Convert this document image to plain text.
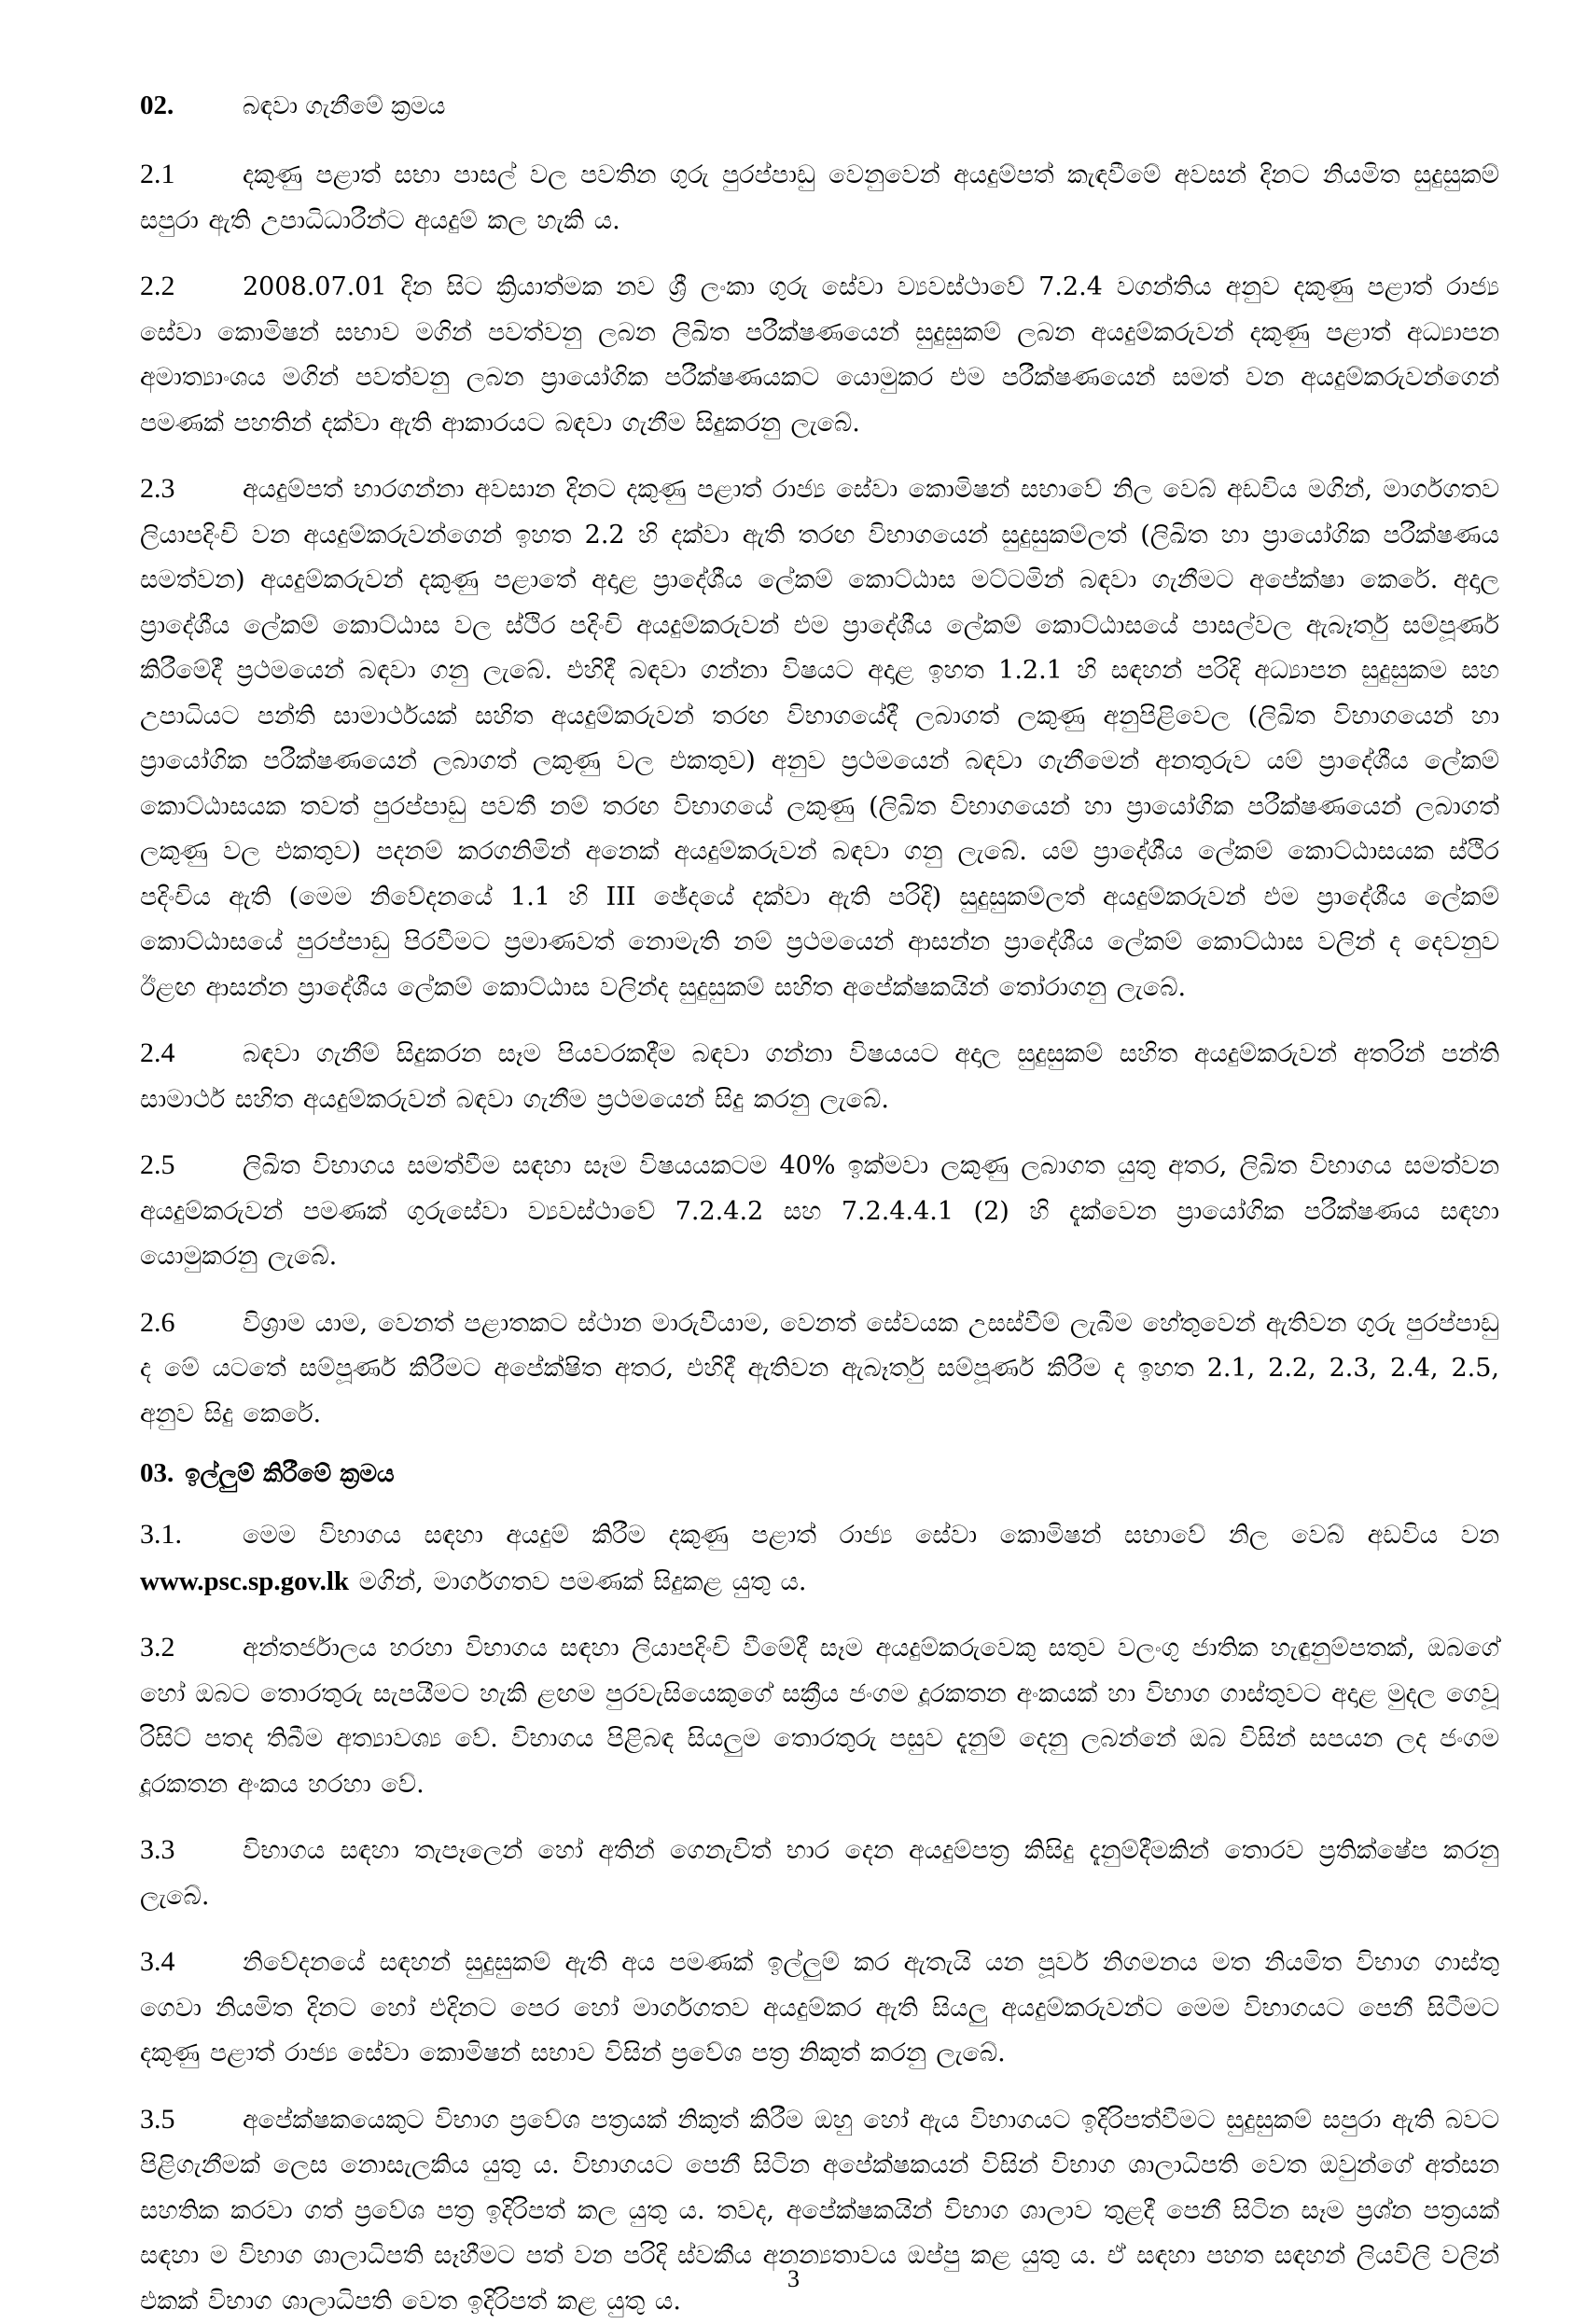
02.	බඳවා ගැනීමේ ක්‍රමය

2.1	දකුණු පළාත් සභා පාසල් වල පවතින ගුරු පුරප්පාඩු වෙනුවෙන් අයදුම්පත් කැඳවීමේ අවසන් දිනට නියමිත සුදුසුකම් සපුරා ඇති උපාධිධාරීන්ට අයදුම් කල හැකි ය.

2.2	2008.07.01 දින සිට ක්‍රියාත්මක නව ශ්‍රී ලංකා ගුරු සේවා ව්‍යවස්ථාවේ 7.2.4 වගන්තිය අනුව දකුණු පළාත් රාජ්‍ය සේවා කොමිෂන් සභාව මගින් පවත්වනු ලබන ලිඛිත පරීක්ෂණයෙන් සුදුසුකම් ලබන අයදුම්කරුවන් දකුණු පළාත් අධ්‍යාපන අමාත්‍යාංශය මගින් පවත්වනු ලබන ප්‍රායෝගික පරීක්ෂණයකට යොමුකර එම පරීක්ෂණයෙන් සමත් වන අයදුම්කරුවන්ගෙන් පමණක් පහතින් දක්වා ඇති ආකාරයට බඳවා ගැනීම සිදුකරනු ලැබේ.

2.3	අයදුම්පත් භාරගන්නා අවසාන දිනට දකුණු පළාත් රාජ්‍ය සේවා කොමිෂන් සභාවේ නිල වෙබ් අඩවිය මගින්, මාර්ගගතව ලියාපදිංචි වන අයදුම්කරුවන්ගෙන් ඉහත 2.2 හි දක්වා ඇති තරඟ විභාගයෙන් සුදුසුකම්ලත් (ලිඛිත හා ප්‍රායෝගික පරීක්ෂණය සමත්වන) අයදුම්කරුවන් දකුණු පළාතේ අදාළ ප්‍රාදේශීය ලේකම් කොට්ඨාස මට්ටමින් බඳවා ගැනීමට අපේක්ෂා කෙරේ. අදාල ප්‍රාදේශීය ලේකම් කොට්ඨාස වල ස්ථිර පදිංචි අයදුම්කරුවන් එම ප්‍රාදේශීය ලේකම් කොට්ඨාසයේ පාසල්වල ඇබෑර්තු සම්පූර්ණ කිරීමේදී ප්‍රථමයෙන් බඳවා ගනු ලැබේ. එහිදී බඳවා ගන්නා විෂයට අදාළ ඉහත 1.2.1 හි සඳහන් පරිදි අධ්‍යාපන සුදුසුකම සහ උපාධියට පන්ති සාමාර්ථයක් සහිත අයදුම්කරුවන් තරඟ විභාගයේදී ලබාගත් ලකුණු අනුපිළිවෙල (ලිඛිත විභාගයෙන් හා ප්‍රායෝගික පරීක්ෂණයෙන් ලබාගත් ලකුණු වල එකතුව) අනුව ප්‍රථමයෙන් බඳවා ගැනීමෙන් අනතුරුව යම් ප්‍රාදේශීය ලේකම් කොට්ඨාසයක තවත් පුරප්පාඩු පවතී නම් තරඟ විභාගයේ ලකුණු (ලිඛිත විභාගයෙන් හා ප්‍රායෝගික පරීක්ෂණයෙන් ලබාගත් ලකුණු වල එකතුව) පදනම් කරගනිමින් අනෙක් අයදුම්කරුවන් බඳවා ගනු ලැබේ. යම් ප්‍රාදේශීය ලේකම් කොට්ඨාසයක ස්ථිර පදිංචිය ඇති (මෙම නිවේදනයේ 1.1 හි III ඡේදයේ දක්වා ඇති පරිදි) සුදුසුකම්ලත් අයදුම්කරුවන් එම ප්‍රාදේශීය ලේකම් කොට්ඨාසයේ පුරප්පාඩු පිරවීමට ප්‍රමාණවත් නොමැති නම් ප්‍රථමයෙන් ආසන්න ප්‍රාදේශීය ලේකම් කොට්ඨාස වලින් ද දෙවනුව ඊළඟ ආසන්න ප්‍රාදේශීය ලේකම් කොට්ඨාස වලින්ද සුදුසුකම් සහිත අපේක්ෂකයින් තෝරාගනු ලැබේ.

2.4	බඳවා ගැනීම් සිදුකරන සෑම පියවරකදීම බඳවා ගන්නා විෂයයට අදාල සුදුසුකම් සහිත අයදුම්කරුවන් අතරින් පන්ති සාමාර්ථ සහිත අයදුම්කරුවන් බඳවා ගැනීම ප්‍රථමයෙන් සිදු කරනු ලැබේ.

2.5	ලිඛිත විභාගය සමත්වීම සඳහා සෑම විෂයයකටම 40% ඉක්මවා ලකුණු ලබාගත යුතු අතර, ලිඛිත විභාගය සමත්වන අයදුම්කරුවන් පමණක් ගුරුසේවා ව්‍යවස්ථාවේ 7.2.4.2 සහ 7.2.4.4.1 (2) හි දැක්වෙන ප්‍රායෝගික පරීක්ෂණය සඳහා යොමුකරනු ලැබේ.

2.6	විශ්‍රාම යාම, වෙනත් පළාතකට ස්ථාන මාරුවීයාම, වෙනත් සේවයක උසස්වීම් ලැබීම හේතුවෙන් ඇතිවන ගුරු පුරප්පාඩු ද මේ යටතේ සම්පූර්ණ කිරීමට අපේක්ෂිත අතර, එහිදී ඇතිවන ඇබෑර්තු සම්පූර්ණ කිරීම ද ඉහත 2.1, 2.2, 2.3, 2.4, 2.5, අනුව සිදු කෙරේ.

03. ඉල්ලුම් කිරීමේ ක්‍රමය

3.1. මෙම විභාගය සඳහා අයදුම් කිරීම දකුණු පළාත් රාජ්‍ය සේවා කොමිෂන් සභාවේ නිල වෙබ් අඩවිය වන www.psc.sp.gov.lk මගින්, මාර්ගගතව පමණක් සිදුකළ යුතු ය.

3.2	අන්තර්ජාලය හරහා විභාගය සඳහා ලියාපදිංචි වීමේදී සෑම අයදුම්කරුවෙකු සතුව වලංගු ජාතික හැඳුනුම්පතක්, ඔබගේ හෝ ඔබට තොරතුරු සැපයීමට හැකි ළඟම පුරවැසියෙකුගේ සක්‍රීය ජංගම දූරකතන අංකයක් හා විභාග ගාස්තුවට අදාළ මුදල ගෙවූ රිසිට් පතද තිබීම අත්‍යාවශ්‍ය වේ. විභාගය පිළිබඳ සියලුම තොරතුරු පසුව දැනුම් දෙනු ලබන්නේ ඔබ විසින් සපයන ලද ජංගම දූරකතන අංකය හරහා වේ.

3.3	විභාගය සඳහා තැපෑලෙන් හෝ අතින් ගෙනැවිත් භාර දෙන අයදුම්පත්‍ර කිසිදු දැනුම්දීමකින් තොරව ප්‍රතික්ෂේප කරනු ලැබේ.

3.4	නිවේදනයේ සඳහන් සුදුසුකම් ඇති අය පමණක් ඉල්ලුම් කර ඇතැයි යන පූර්ව නිගමනය මත නියමිත විභාග ගාස්තු ගෙවා නියමිත දිනට හෝ එදිනට පෙර හෝ මාර්ගගතව අයදුම්කර ඇති සියලු අයදුම්කරුවන්ට මෙම විභාගයට පෙනී සිටීමට දකුණු පළාත් රාජ්‍ය සේවා කොමිෂන් සභාව විසින් ප්‍රවේශ පත්‍ර නිකුත් කරනු ලැබේ.

3.5	අපේක්ෂකයෙකුට විභාග ප්‍රවේශ පත්‍රයක් නිකුත් කිරීම ඔහු හෝ ඇය විභාගයට ඉදිරිපත්වීමට සුදුසුකම් සපුරා ඇති බවට පිළිගැනීමක් ලෙස නොසැලකිය යුතු ය. විභාගයට පෙනී සිටින අපේක්ෂකයන් විසින් විභාග ශාලාධිපති වෙත ඔවුන්ගේ අත්සන සහතික කරවා ගත් ප්‍රවේශ පත්‍ර ඉදිරිපත් කල යුතු ය. තවද, අපේක්ෂකයින් විභාග ශාලාව තුළදී පෙනී සිටින සෑම ප්‍රශ්න පත්‍රයක් සඳහා ම විභාග ශාලාධිපති සෑහීමට පත් වන පරිදි ස්වකීය අනන්‍යතාවය ඔප්පු කළ යුතු ය. ඒ සඳහා පහත සඳහන් ලියවිලි වලින් එකක් විභාග ශාලාධිපති වෙත ඉදිරිපත් කළ යුතු ය.

3
